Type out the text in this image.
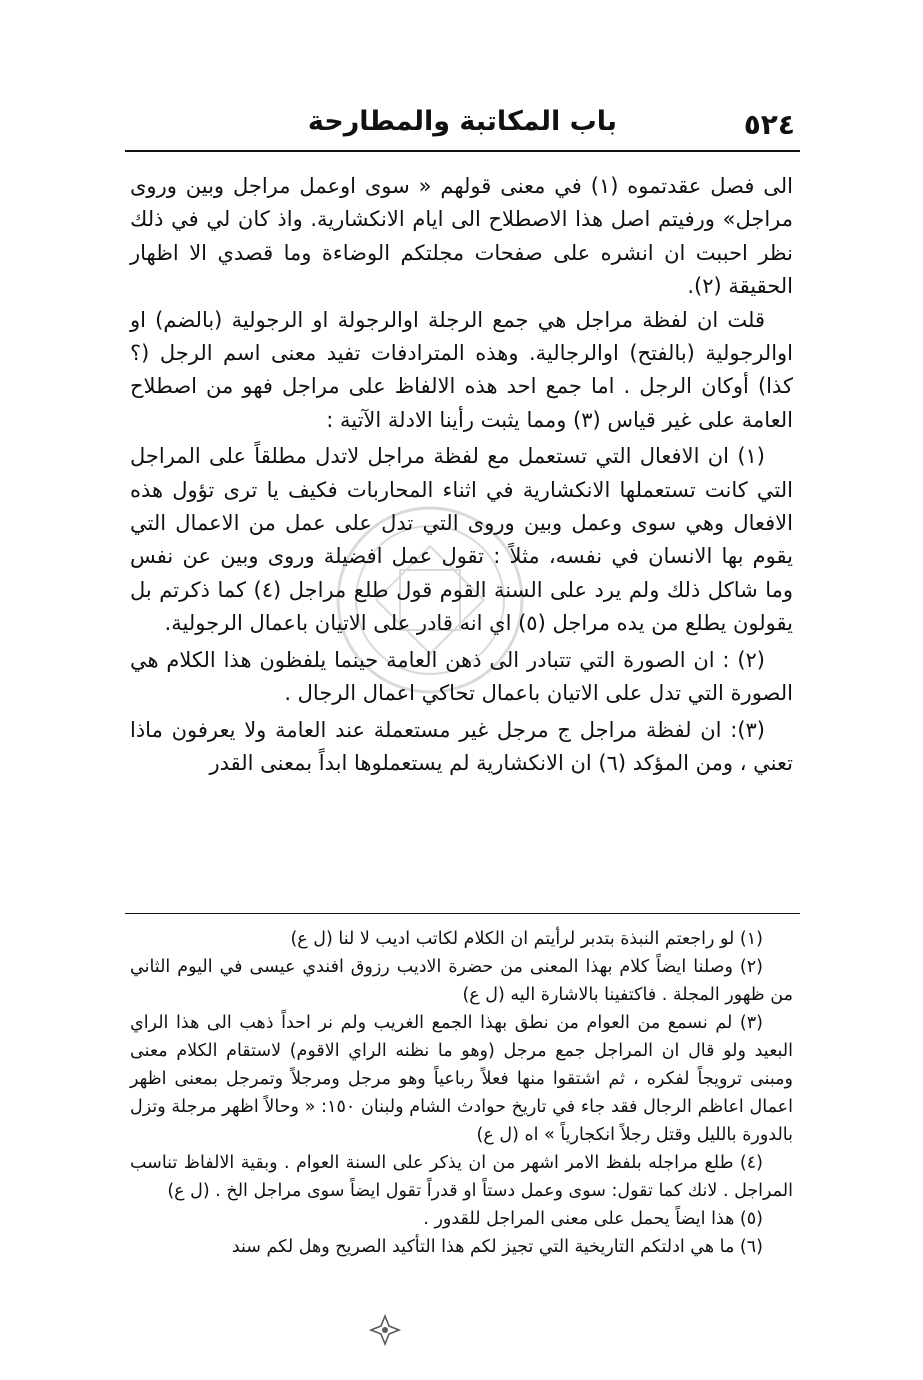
٥٢٤
باب المكاتبة والمطارحة

الى فصل عقدتموه (١) في معنى قولهم « سوى اوعمل مراجل وبين وروى مراجل» ورفيتم اصل هذا الاصطلاح الى ايام الانكشارية. واذ كان لي في ذلك نظر احببت ان انشره على صفحات مجلتكم الوضاءة وما قصدي الا اظهار الحقيقة (٢).

قلت ان لفظة مراجل هي جمع الرجلة اوالرجولة او الرجولية (بالضم) او اوالرجولية (بالفتح) اوالرجالية. وهذه المترادفات تفيد معنى اسم الرجل (؟كذا) أوكان الرجل . اما جمع احد هذه الالفاظ على مراجل فهو من اصطلاح العامة على غير قياس (٣) ومما يثبت رأينا الادلة الآتية :

(١) ان الافعال التي تستعمل مع لفظة مراجل لاتدل مطلقاً على المراجل التي كانت تستعملها الانكشارية في اثناء المحاربات فكيف يا ترى تؤول هذه الافعال وهي سوى وعمل وبين وروى التي تدل على عمل من الاعمال التي يقوم بها الانسان في نفسه، مثلاً : تقول عمل افضيلة وروى وبين عن نفس وما شاكل ذلك ولم يرد على السنة القوم قول طلع مراجل (٤) كما ذكرتم بل يقولون يطلع من يده مراجل (٥) اي انه قادر على الاتيان باعمال الرجولية.

(٢) : ان الصورة التي تتبادر الى ذهن العامة حينما يلفظون هذا الكلام هي الصورة التي تدل على الاتيان باعمال تحاكي اعمال الرجال .

(٣): ان لفظة مراجل ج مرجل غير مستعملة عند العامة ولا يعرفون ماذا تعني ، ومن المؤكد (٦) ان الانكشارية لم يستعملوها ابداً بمعنى القدر

(١) لو راجعتم النبذة بتدبر لرأيتم ان الكلام لكاتب اديب لا لنا (ل ع)

(٢) وصلنا ايضاً كلام بهذا المعنى من حضرة الاديب رزوق افندي عيسى في اليوم الثاني من ظهور المجلة . فاكتفينا بالاشارة اليه (ل ع)

(٣) لم نسمع من العوام من نطق بهذا الجمع الغريب ولم نر احداً ذهب الى هذا الراي البعيد ولو قال ان المراجل جمع مرجل (وهو ما نظنه الراي الاقوم) لاستقام الكلام معنى ومبنى ترويجاً لفكره ، ثم اشتقوا منها فعلاً رباعياً وهو مرجل ومرجلاً وتمرجل بمعنى اظهر اعمال اعاظم الرجال فقد جاء في تاريخ حوادث الشام ولبنان ١٥٠: « وحالاً اظهر مرجلة وتزل بالدورة بالليل وقتل رجلاً انكجارياً » اه (ل ع)

(٤) طلع مراجله بلفظ الامر اشهر من ان يذكر على السنة العوام . وبقية الالفاظ تناسب المراجل . لانك كما تقول: سوى وعمل دستاً او قدراً تقول ايضاً سوى مراجل الخ . (ل ع)

(٥) هذا ايضاً يحمل على معنى المراجل للقدور .

(٦) ما هي ادلتكم التاريخية التي تجيز لكم هذا التأكيد الصريح وهل لكم سند
